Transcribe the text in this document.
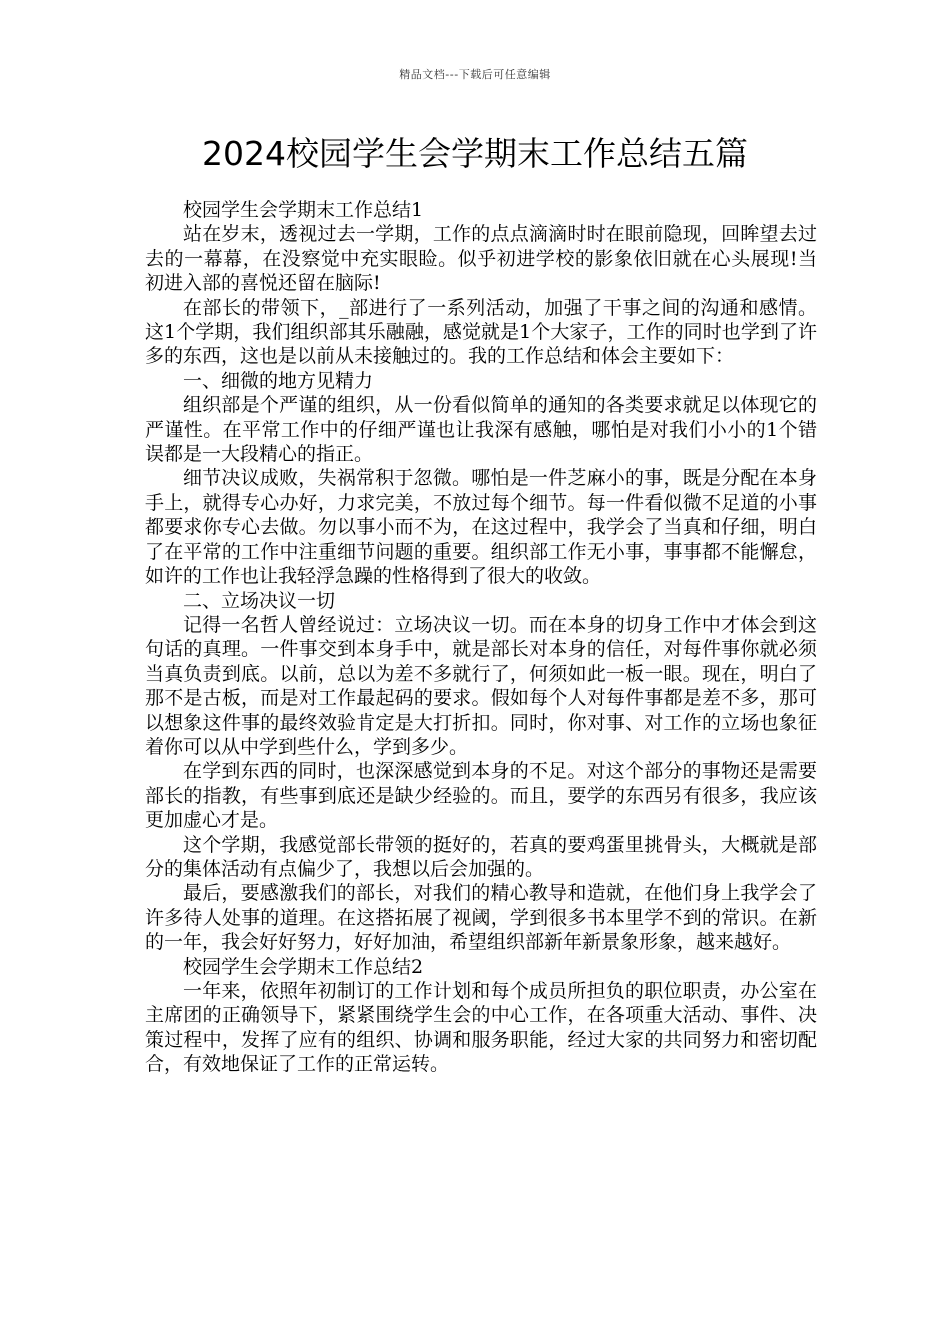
精品文档---下载后可任意编辑
2024校园学生会学期末工作总结五篇

校园学生会学期末工作总结1

站在岁末，透视过去一学期，工作的点点滴滴时时在眼前隐现，回眸望去过去的一幕幕，在没察觉中充实眼睑。似乎初进学校的影象依旧就在心头展现!当初进入部的喜悦还留在脑际!

在部长的带领下，_部进行了一系列活动，加强了干事之间的沟通和感情。这1个学期，我们组织部其乐融融，感觉就是1个大家子，工作的同时也学到了许多的东西，这也是以前从未接触过的。我的工作总结和体会主要如下：

一、细微的地方见精力

组织部是个严谨的组织，从一份看似简单的通知的各类要求就足以体现它的严谨性。在平常工作中的仔细严谨也让我深有感触，哪怕是对我们小小的1个错误都是一大段精心的指正。

细节决议成败，失祸常积于忽微。哪怕是一件芝麻小的事，既是分配在本身手上，就得专心办好，力求完美，不放过每个细节。每一件看似微不足道的小事都要求你专心去做。勿以事小而不为，在这过程中，我学会了当真和仔细，明白了在平常的工作中注重细节问题的重要。组织部工作无小事，事事都不能懈怠，如许的工作也让我轻浮急躁的性格得到了很大的收敛。

二、立场决议一切

记得一名哲人曾经说过：立场决议一切。而在本身的切身工作中才体会到这句话的真理。一件事交到本身手中，就是部长对本身的信任，对每件事你就必须当真负责到底。以前，总以为差不多就行了，何须如此一板一眼。现在，明白了那不是古板，而是对工作最起码的要求。假如每个人对每件事都是差不多，那可以想象这件事的最终效验肯定是大打折扣。同时，你对事、对工作的立场也象征着你可以从中学到些什么，学到多少。

在学到东西的同时，也深深感觉到本身的不足。对这个部分的事物还是需要部长的指教，有些事到底还是缺少经验的。而且，要学的东西另有很多，我应该更加虚心才是。

这个学期，我感觉部长带领的挺好的，若真的要鸡蛋里挑骨头，大概就是部分的集体活动有点偏少了，我想以后会加强的。

最后，要感激我们的部长，对我们的精心教导和造就，在他们身上我学会了许多待人处事的道理。在这搭拓展了视阈，学到很多书本里学不到的常识。在新的一年，我会好好努力，好好加油，希望组织部新年新景象形象，越来越好。

校园学生会学期末工作总结2

一年来，依照年初制订的工作计划和每个成员所担负的职位职责，办公室在主席团的正确领导下，紧紧围绕学生会的中心工作，在各项重大活动、事件、决策过程中，发挥了应有的组织、协调和服务职能，经过大家的共同努力和密切配合，有效地保证了工作的正常运转。
